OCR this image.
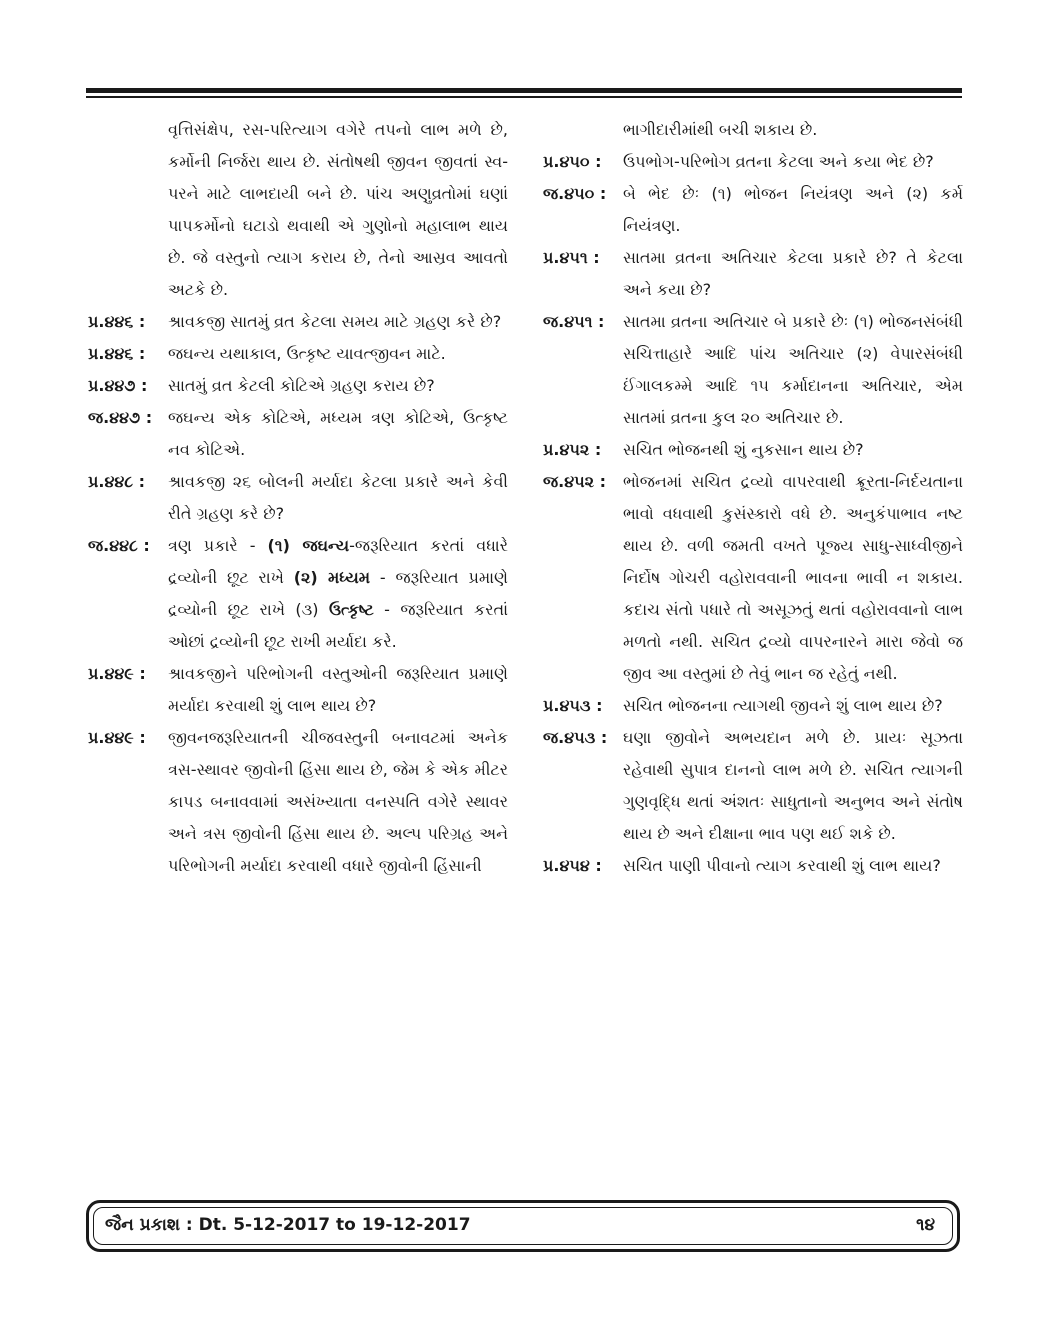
વૃત્તિસંક્ષેપ, રસ-પરિત્યાગ વગેરે તપનો લાભ મળે છે, કર્મોની નિર્જરા થાય છે. સંતોષથી જીવન જીવતાં સ્વ-પરને માટે લાભદાયી બને છે. પાંચ અણુવ્રતોમાં ઘણાં પાપકર્મોનો ઘટાડો થવાથી એ ગુણોનો મહાલાભ થાય છે. જે વસ્તુનો ત્યાગ કરાય છે, તેનો આસ્રવ આવતો અટકે છે.
પ્ર.૪૪૬ :	શ્રાવકજી સાતમું વ્રત કેટલા સમય માટે ગ્રહણ કરે છે?
પ્ર.૪૪૬ :	જઘન્ય યથાકાલ, ઉત્કૃષ્ટ યાવત્જીવન માટે.
પ્ર.૪૪૭ :	સાતમું વ્રત કેટલી કોટિએ ગ્રહણ કરાય છે?
જ.૪૪૭ : જઘન્ય એક કોટિએ, મધ્યમ ત્રણ કોટિએ, ઉત્કૃષ્ટ નવ કોટિએ.
પ્ર.૪૪૮ :	શ્રાવકજી ૨૬ બોલની મર્યાદા કેટલા પ્રકારે અને કેવી રીતે ગ્રહણ કરે છે?
જ.૪૪૮ :	ત્રણ પ્રકારે - (૧) જઘન્ય-જરૂરિયાત કરતાં વધારે દ્રવ્યોની છૂટ રાખે (૨) મધ્યમ - જરૂરિયાત પ્રમાણે દ્રવ્યોની છૂટ રાખે (૩) ઉત્કૃષ્ટ - જરૂરિયાત કરતાં ઓછાં દ્રવ્યોની છૂટ રાખી મર્યાદા કરે.
પ્ર.૪૪૯ :	શ્રાવકજીને પરિભોગની વસ્તુઓની જરૂરિયાત પ્રમાણે મર્યાદા કરવાથી શું લાભ થાય છે?
પ્ર.૪૪૯ :	જીવનજરૂરિયાતની ચીજવસ્તુની બનાવટમાં અનેક ત્રસ-સ્થાવર જીવોની હિંસા થાય છે, જેમ કે એક મીટર કાપડ બનાવવામાં અસંખ્યાતા વનસ્પતિ વગેરે સ્થાવર અને ત્રસ જીવોની હિંસા થાય છે. અલ્પ પરિગ્રહ અને પરિભોગની મર્યાદા કરવાથી વધારે જીવોની હિંસાની
ભાગીદારીમાંથી બચી શકાય છે.
પ્ર.૪૫૦ :	ઉપભોગ-પરિભોગ વ્રતના કેટલા અને કયા ભેદ છે?
જ.૪૫૦ :	બે ભેદ છેઃ (૧) ભોજન નિયંત્રણ અને (૨) કર્મ નિયંત્રણ.
પ્ર.૪૫૧ :	સાતમા વ્રતના અતિચાર કેટલા પ્રકારે છે? તે કેટલા અને કયા છે?
જ.૪૫૧ :	સાતમા વ્રતના અતિચાર બે પ્રકારે છેઃ (૧) ભોજનસંબંધી સચિત્તાહારે આદિ પાંચ અતિચાર (૨) વેપારસંબંધી ઈંગાલકમ્મે આદિ ૧૫ કર્માદાનના અતિચાર, એમ સાતમાં વ્રતના કુલ ૨૦ અતિચાર છે.
પ્ર.૪૫૨ :	સચિત ભોજનથી શું નુકસાન થાય છે?
જ.૪૫૨ :	ભોજનમાં સચિત દ્રવ્યો વાપરવાથી ક્રૂરતા-નિર્દયતાના ભાવો વધવાથી કુસંસ્કારો વધે છે. અનુકંપાભાવ નષ્ટ થાય છે. વળી જમતી વખતે પૂજ્ય સાધુ-સાધ્વીજીને નિર્દોષ ગોચરી વહોરાવવાની ભાવના ભાવી ન શકાય. કદાચ સંતો પધારે તો અસૂઝતું થતાં વહોરાવવાનો લાભ મળતો નથી. સચિત દ્રવ્યો વાપરનારને મારા જેવો જ જીવ આ વસ્તુમાં છે તેવું ભાન જ રહેતું નથી.
પ્ર.૪૫૩ :	સચિત ભોજનના ત્યાગથી જીવને શું લાભ થાય છે?
જ.૪૫૩ : ઘણા જીવોને અભયદાન મળે છે. પ્રાયઃ સૂઝતા રહેવાથી સુપાત્ર દાનનો લાભ મળે છે. સચિત ત્યાગની ગુણવૃદ્ધિ થતાં અંશતઃ સાધુતાનો અનુભવ અને સંતોષ થાય છે અને દીક્ષાના ભાવ પણ થઈ શકે છે.
પ્ર.૪૫૪ :	સચિત પાણી પીવાનો ત્યાગ કરવાથી શું લાભ થાય?
જૈન પ્રકાશ : Dt. 5-12-2017 to 19-12-2017	૧૪
